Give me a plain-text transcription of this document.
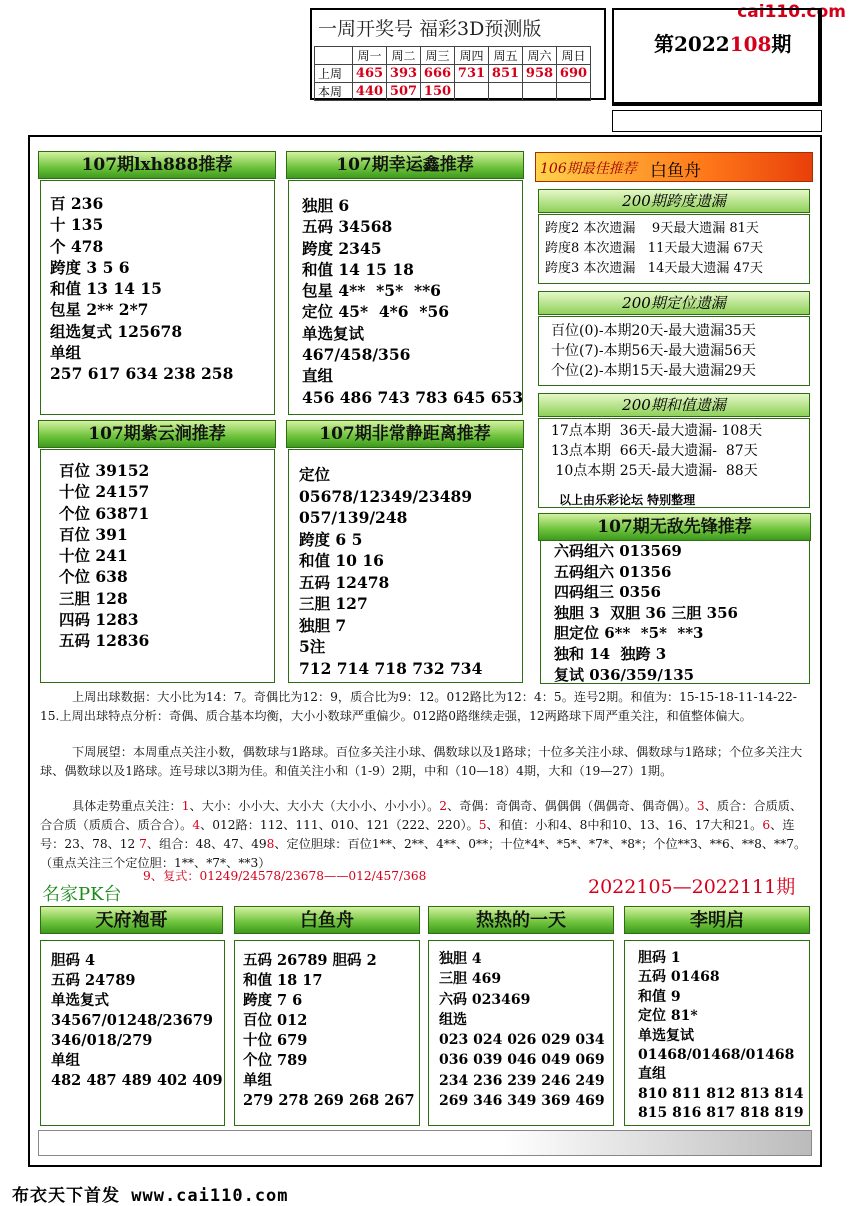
cai110.com
一周开奖号 福彩3D预测版
	周一	周二	周三	周四	周五	周六	周日
上周	465	393	666	731	851	958	690
本周	440	507	150				
第2022108期
107期lxh888推荐
百 236
十 135
个 478
跨度 3 5 6
和值 13 14 15
包星 2** 2*7
组选复式 125678
单组
257 617 634 238 258
107期紫云涧推荐
百位 39152
十位 24157
个位 63871
百位 391
十位 241
个位 638
三胆 128
四码 1283
五码 12836
107期幸运鑫推荐
独胆 6
五码 34568
跨度 2345
和值 14 15 18
包星 4**  *5*  **6
定位 45*  4*6  *56
单选复试
467/458/356
直组
456 486 743 783 645 653
107期非常静距离推荐
定位
05678/12349/23489
057/139/248
跨度 6 5
和值 10 16
五码 12478
三胆 127
独胆 7
5注
712 714 718 732 734
106期最佳推荐 白鱼舟
200期跨度遗漏
跨度2 本次遗漏    9天最大遗漏 81天
跨度8 本次遗漏   11天最大遗漏 67天
跨度3 本次遗漏   14天最大遗漏 47天
200期定位遗漏
百位(0)-本期20天-最大遗漏35天
十位(7)-本期56天-最大遗漏56天
个位(2)-本期15天-最大遗漏29天
200期和值遗漏
17点本期  36天-最大遗漏- 108天
13点本期  66天-最大遗漏-  87天
10点本期 25天-最大遗漏-  88天
以上由乐彩论坛 特别整理
107期无敌先锋推荐
六码组六 013569
五码组六 01356
四码组三 0356
独胆 3  双胆 36 三胆 356
胆定位 6**  *5*  **3
独和 14  独跨 3
复试 036/359/135
上周出球数据：大小比为14：7。奇偶比为12：9，质合比为9：12。012路比为12：4：5。连号2期。和值为：15-15-18-11-14-22-15.上周出球特点分析：奇偶、质合基本均衡，大小小数球严重偏少。012路0路继续走强，12两路球下周严重关注，和值整体偏大。
下周展望：本周重点关注小数，偶数球与1路球。百位多关注小球、偶数球以及1路球；十位多关注小球、偶数球与1路球；个位多关注大球、偶数球以及1路球。连号球以3期为佳。和值关注小和（1-9）2期，中和（10—18）4期，大和（19—27）1期。
具体走势重点关注：1、大小：小小大、大小大（大小小、小小小）。2、奇偶：奇偶奇、偶偶偶（偶偶奇、偶奇偶）。3、质合：合质质、合合质（质质合、质合合）。4、012路：112、111、010、121（222、220）。5、和值：小和4、8中和10、13、16、17大和21。6、连号：23、78、12 7、组合：48、47、498、定位胆球：百位1**、2**、4**、0**；十位*4*、*5*、*7*、*8*；个位**3、**6、**8、**7。（重点关注三个定位胆：1**、*7*、**3）
9、复式：01249/24578/23678——012/457/368
名家PK台	2022105—2022111期
天府袍哥
胆码 4
五码 24789
单选复式
34567/01248/23679
346/018/279
单组
482 487 489 402 409
白鱼舟
五码 26789 胆码 2
和值 18 17
跨度 7 6
百位 012
十位 679
个位 789
单组
279 278 269 268 267
热热的一天
独胆 4
三胆 469
六码 023469
组选
023 024 026 029 034
036 039 046 049 069
234 236 239 246 249
269 346 349 369 469
李明启
胆码 1
五码 01468
和值 9
定位 81*
单选复试
01468/01468/01468
直组
810 811 812 813 814
815 816 817 818 819
布衣天下首发 www.cai110.com
